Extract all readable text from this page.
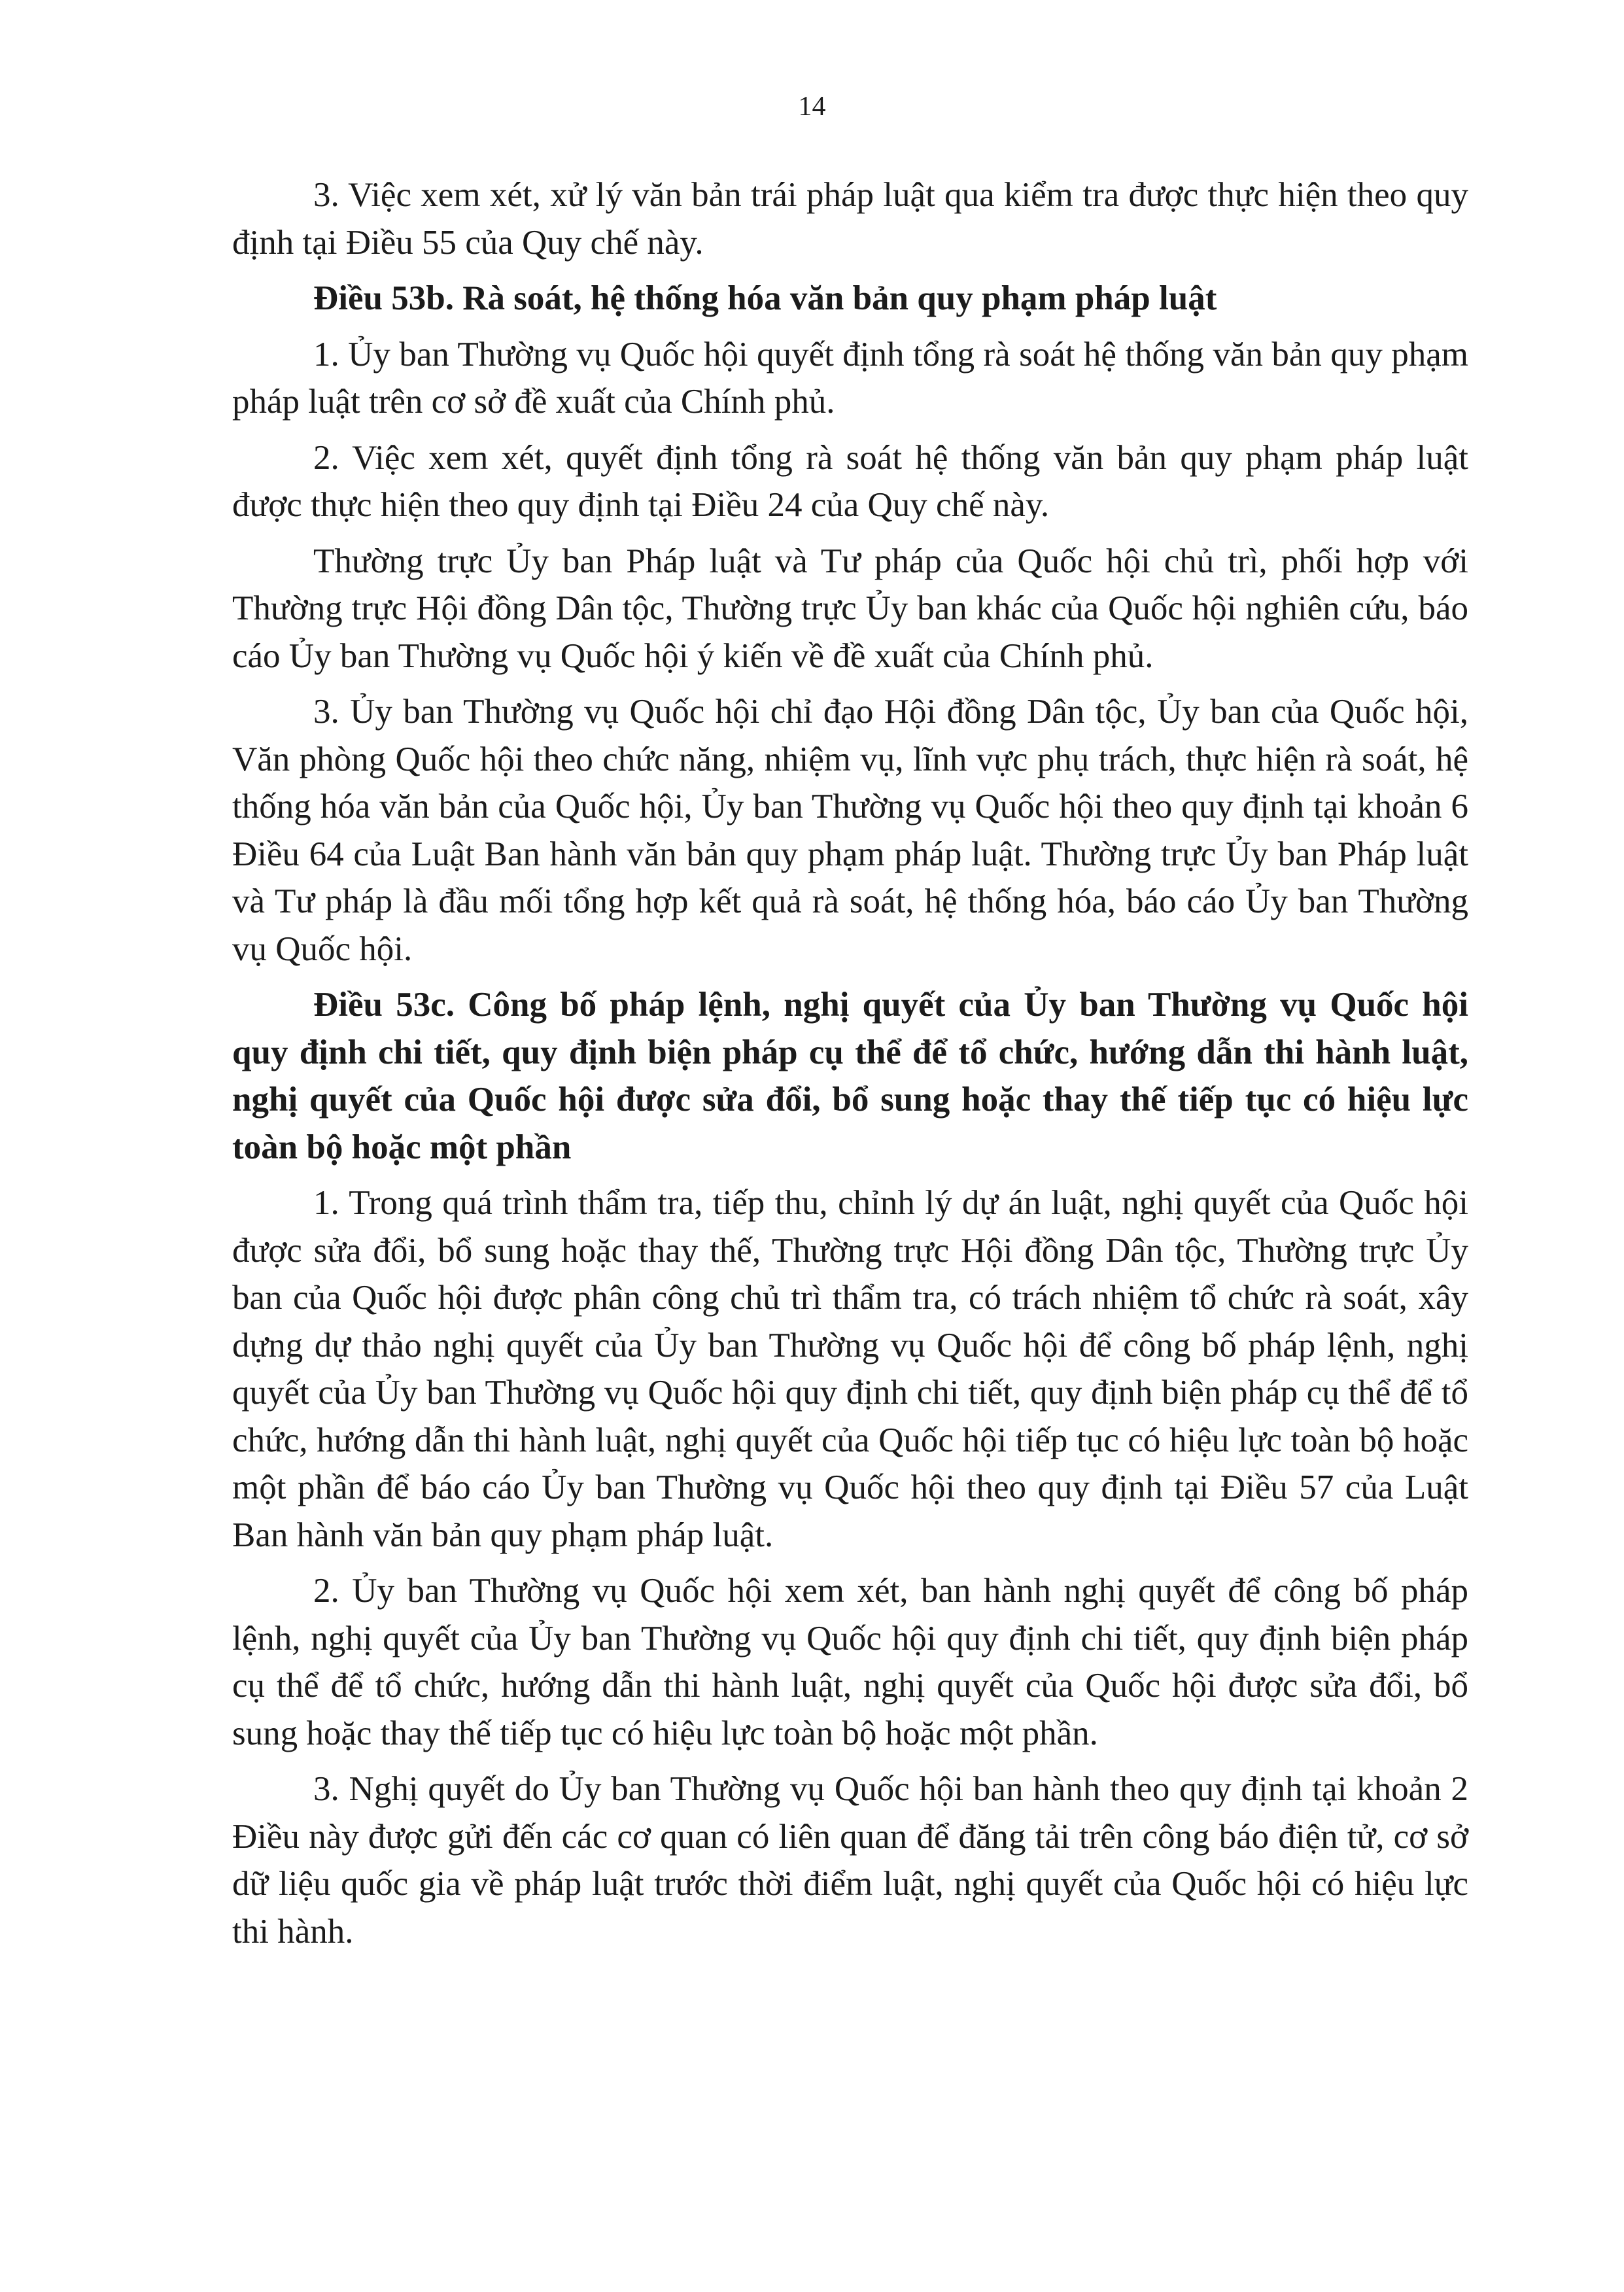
14

3. Việc xem xét, xử lý văn bản trái pháp luật qua kiểm tra được thực hiện theo quy định tại Điều 55 của Quy chế này.

Điều 53b. Rà soát, hệ thống hóa văn bản quy phạm pháp luật

1. Ủy ban Thường vụ Quốc hội quyết định tổng rà soát hệ thống văn bản quy phạm pháp luật trên cơ sở đề xuất của Chính phủ.

2. Việc xem xét, quyết định tổng rà soát hệ thống văn bản quy phạm pháp luật được thực hiện theo quy định tại Điều 24 của Quy chế này.

Thường trực Ủy ban Pháp luật và Tư pháp của Quốc hội chủ trì, phối hợp với Thường trực Hội đồng Dân tộc, Thường trực Ủy ban khác của Quốc hội nghiên cứu, báo cáo Ủy ban Thường vụ Quốc hội ý kiến về đề xuất của Chính phủ.

3. Ủy ban Thường vụ Quốc hội chỉ đạo Hội đồng Dân tộc, Ủy ban của Quốc hội, Văn phòng Quốc hội theo chức năng, nhiệm vụ, lĩnh vực phụ trách, thực hiện rà soát, hệ thống hóa văn bản của Quốc hội, Ủy ban Thường vụ Quốc hội theo quy định tại khoản 6 Điều 64 của Luật Ban hành văn bản quy phạm pháp luật. Thường trực Ủy ban Pháp luật và Tư pháp là đầu mối tổng hợp kết quả rà soát, hệ thống hóa, báo cáo Ủy ban Thường vụ Quốc hội.

Điều 53c. Công bố pháp lệnh, nghị quyết của Ủy ban Thường vụ Quốc hội quy định chi tiết, quy định biện pháp cụ thể để tổ chức, hướng dẫn thi hành luật, nghị quyết của Quốc hội được sửa đổi, bổ sung hoặc thay thế tiếp tục có hiệu lực toàn bộ hoặc một phần

1. Trong quá trình thẩm tra, tiếp thu, chỉnh lý dự án luật, nghị quyết của Quốc hội được sửa đổi, bổ sung hoặc thay thế, Thường trực Hội đồng Dân tộc, Thường trực Ủy ban của Quốc hội được phân công chủ trì thẩm tra, có trách nhiệm tổ chức rà soát, xây dựng dự thảo nghị quyết của Ủy ban Thường vụ Quốc hội để công bố pháp lệnh, nghị quyết của Ủy ban Thường vụ Quốc hội quy định chi tiết, quy định biện pháp cụ thể để tổ chức, hướng dẫn thi hành luật, nghị quyết của Quốc hội tiếp tục có hiệu lực toàn bộ hoặc một phần để báo cáo Ủy ban Thường vụ Quốc hội theo quy định tại Điều 57 của Luật Ban hành văn bản quy phạm pháp luật.

2. Ủy ban Thường vụ Quốc hội xem xét, ban hành nghị quyết để công bố pháp lệnh, nghị quyết của Ủy ban Thường vụ Quốc hội quy định chi tiết, quy định biện pháp cụ thể để tổ chức, hướng dẫn thi hành luật, nghị quyết của Quốc hội được sửa đổi, bổ sung hoặc thay thế tiếp tục có hiệu lực toàn bộ hoặc một phần.

3. Nghị quyết do Ủy ban Thường vụ Quốc hội ban hành theo quy định tại khoản 2 Điều này được gửi đến các cơ quan có liên quan để đăng tải trên công báo điện tử, cơ sở dữ liệu quốc gia về pháp luật trước thời điểm luật, nghị quyết của Quốc hội có hiệu lực thi hành.
